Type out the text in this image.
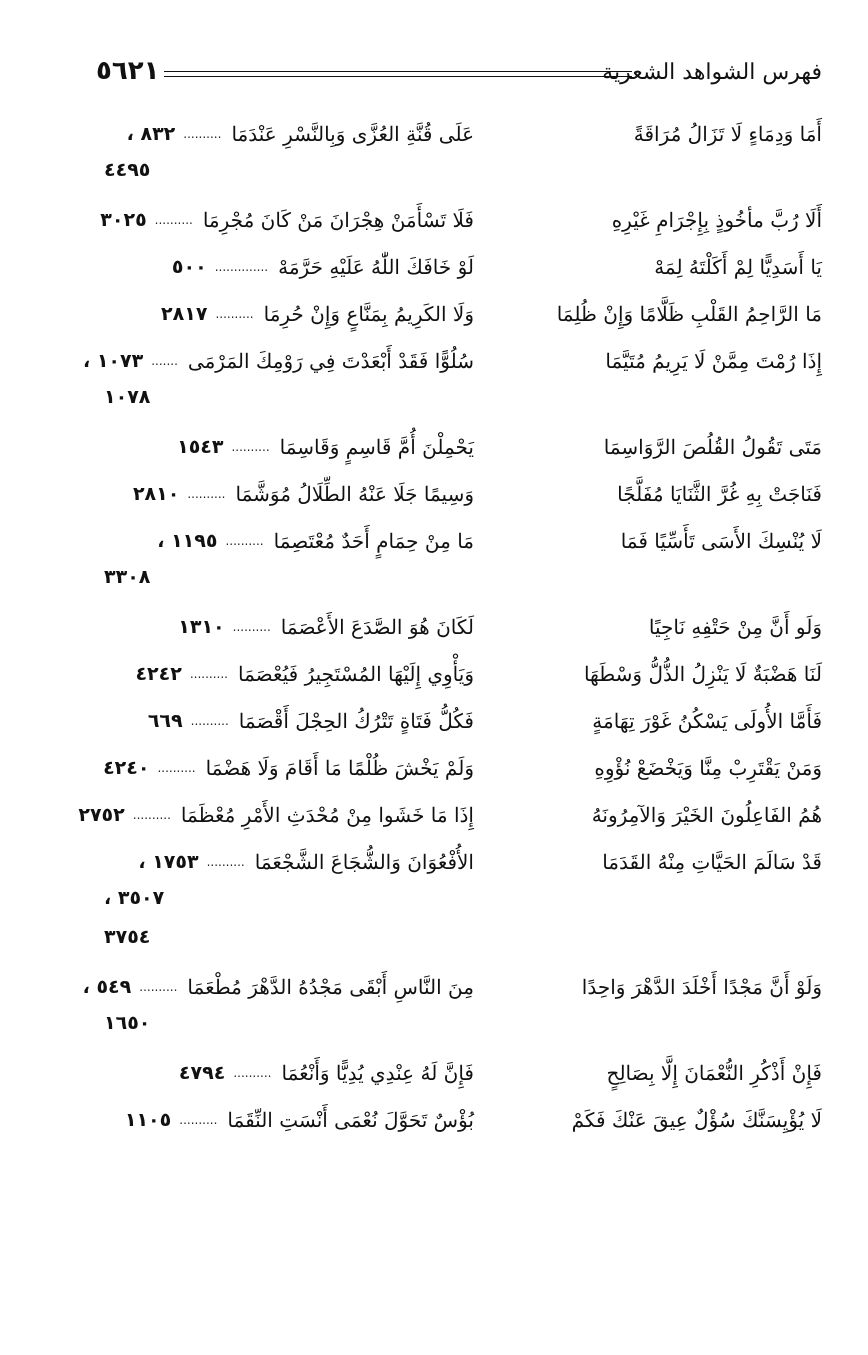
فهرس الشواهد الشعرية
٥٦٢١
أَمَا وَدِمَاءٍ لَا تَزَالُ مُرَاقَةً
عَلَى قُنَّةِ العُزَّى وَبِالنَّسْرِ عَنْدَمَا
..........
٨٣٢ ،
٤٤٩٥
أَلَا رُبَّ مأخُوذٍ بِإِجْرَامِ غَيْرِهِ
فَلَا تَسْأَمَنْ هِجْرَانَ مَنْ كَانَ مُجْرِمَا
..........
٣٠٢٥
يَا أَسَدِيًّا لِمْ أَكَلْتَهُ لِمَهْ
لَوْ خَافَكَ اللّٰهُ عَلَيْهِ حَرَّمَهْ
..............
٥٠٠
مَا الرَّاحِمُ القَلْبِ ظَلَّامًا وَإِنْ ظُلِمَا
وَلَا الكَرِيمُ بِمَنَّاعٍ وَإِنْ حُرِمَا
..........
٢٨١٧
إِذَا رُمْتَ مِمَّنْ لَا يَرِيمُ مُتَيَّمَا
سُلُوًّا فَقَدْ أَبْعَدْتَ فِي رَوْمِكَ المَرْمَى
.......
١٠٧٣ ،
١٠٧٨
مَتَى تَقُولُ القُلُصَ الرَّوَاسِمَا
يَحْمِلْنَ أُمَّ قَاسِمٍ وَقَاسِمَا
..........
١٥٤٣
فَنَاجَتْ بِهِ غُرَّ الثَّنَايَا مُفَلَّجًا
وَسِيمًا جَلَا عَنْهُ الطِّلَالُ مُوَشَّمَا
..........
٢٨١٠
لَا يُنْسِكَ الأَسَى تَأَسِّيًا فَمَا
مَا مِنْ حِمَامٍ أَحَدٌ مُعْتَصِمَا
..........
١١٩٥ ،
٣٣٠٨
وَلَو أَنَّ مِنْ حَتْفِهِ نَاجِيًا
لَكَانَ هُوَ الصَّدَعَ الأَعْصَمَا
..........
١٣١٠
لَنَا هَضْبَةٌ لَا يَنْزِلُ الذُّلُّ وَسْطَهَا
وَيَأْوِي إِلَيْهَا المُسْتَجِيرُ فَيُعْصَمَا
..........
٤٢٤٢
فَأَمَّا الأُولَى يَسْكُنُ غَوْرَ تِهَامَةٍ
فَكُلُّ فَتَاةٍ تَتْرُكُ الحِجْلَ أَقْصَمَا
..........
٦٦٩
وَمَنْ يَقْتَرِبْ مِنَّا وَيَخْضَعْ نُؤْوِهِ
وَلَمْ يَخْشَ ظُلْمًا مَا أَقَامَ وَلَا هَضْمَا
..........
٤٢٤٠
هُمُ الفَاعِلُونَ الخَيْرَ وَالآمِرُونَهُ
إِذَا مَا خَشَوا مِنْ مُحْدَثِ الأَمْرِ مُعْظَمَا
..........
٢٧٥٢
قَدْ سَالَمَ الحَيَّاتِ مِنْهُ القَدَمَا
الأُفْعُوَانَ وَالشُّجَاعَ الشَّجْعَمَا
..........
١٧٥٣ ،
٣٥٠٧ ،
٣٧٥٤
وَلَوْ أَنَّ مَجْدًا أَخْلَدَ الدَّهْرَ وَاحِدًا
مِنَ النَّاسِ أَبْقَى مَجْدُهُ الدَّهْرَ مُطْعَمَا
..........
٥٤٩ ،
١٦٥٠
فَإِنْ أَذْكُرِ النُّعْمَانَ إِلَّا بِصَالِحٍ
فَإِنَّ لَهُ عِنْدِي يُدِيًّا وَأَنْعُمَا
..........
٤٧٩٤
لَا يُؤْيِسَنَّكَ سُؤْلٌ عِيقَ عَنْكَ فَكَمْ
بُؤْسٌ تَحَوَّلَ نُعْمَى أَنْسَتِ النِّقَمَا
..........
١١٠٥
